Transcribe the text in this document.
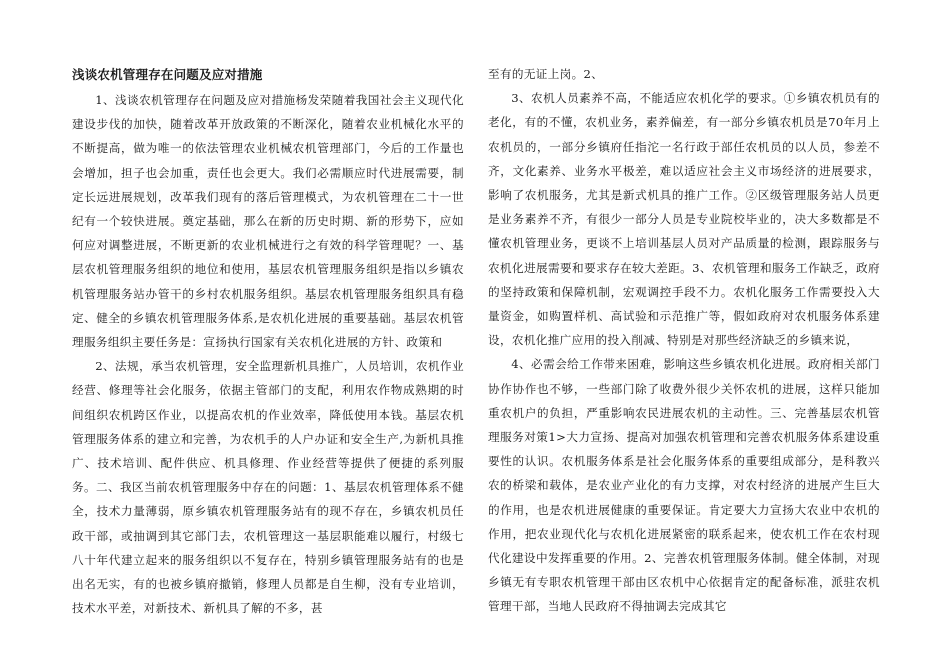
浅谈农机管理存在问题及应对措施

1、浅谈农机管理存在问题及应对措施杨发荣随着我国社会主义现代化建设步伐的加快，随着改革开放政策的不断深化，随着农业机械化水平的不断提高，做为唯一的依法管理农业机械农机管理部门，今后的工作量也会增加，担子也会加重，责任也会更大。我们必需顺应时代进展需要，制定长远进展规划，改革我们现有的落后管理模式，为农机管理在二十一世纪有一个较快进展。奠定基础，那么在新的历史时期、新的形势下，应如何应对调整进展，不断更新的农业机械进行之有效的科学管理呢？一、基层农机管理服务组织的地位和使用，基层农机管理服务组织是指以乡镇农机管理服务站办管干的乡村农机服务组织。基层农机管理服务组织具有稳定、健全的乡镇农机管理服务体系,是农机化进展的重要基础。基层农机管理服务组织主要任务是：宣扬执行国家有关农机化进展的方针、政策和

2、法规，承当农机管理，安全监理新机具推广，人员培训，农机作业经营、修理等社会化服务，依据主管部门的支配，利用农作物成熟期的时间组织农机跨区作业，以提高农机的作业效率，降低使用本钱。基层农机管理服务体系的建立和完善，为农机手的人户办证和安全生产,为新机具推广、技术培训、配件供应、机具修理、作业经营等提供了便捷的系列服务。二、我区当前农机管理服务中存在的问题：1、基层农机管理体系不健全，技术力量薄弱，原乡镇农机管理服务站有的现不存在，乡镇农机员任政干部，或抽调到其它部门去，农机管理这一基层职能难以履行，村级七八十年代建立起来的服务组织以不复存在，特别乡镇管理服务站有的也是出名无实，有的也被乡镇府撤销，修理人员都是自生柳，没有专业培训，技术水平差，对新技术、新机具了解的不多，甚

至有的无证上岗。2、

3、农机人员素养不高，不能适应农机化学的要求。①乡镇农机员有的老化，有的不懂，农机业务，素养偏差，有一部分乡镇农机员是70年月上农机员的，一部分乡镇府任指沱一名行政于部任农机员的以人员，参差不齐，文化素养、业务水平极差，难以适应社会主义市场经济的进展要求，影响了农机服务，尤其是新式机具的推广工作。②区级管理服务站人员更是业务素养不齐，有很少一部分人员是专业院校毕业的，决大多数都是不懂农机管理业务，更谈不上培训基层人员对产品质量的检测，跟踪服务与农机化进展需要和要求存在较大差距。3、农机管理和服务工作缺乏，政府的坚持政策和保障机制，宏观调控手段不力。农机化服务工作需要投入大量资金，如购置样机、高试验和示范推广等，假如政府对农机服务体系建设，农机化推广应用的投入削减、特别是对那些经济缺乏的乡镇来说，

4、必需会给工作带来困难，影响这些乡镇农机化进展。政府相关部门协作协作也不够，一些部门除了收费外很少关怀农机的进展，这样只能加重农机户的负担，严重影响农民进展农机的主动性。三、完善基层农机管理服务对策1>大力宣扬、提高对加强农机管理和完善农机服务体系建设重要性的认识。农机服务体系是社会化服务体系的重要组成部分，是科教兴农的桥梁和载体，是农业产业化的有力支撑，对农村经济的进展产生巨大的作用，也是农机进展健康的重要保证。肯定要大力宣扬大农业中农机的作用，把农业现代化与农机化进展紧密的联系起来，使农机工作在农村现代化建设中发挥重要的作用。2、完善农机管理服务体制。健全体制，对现乡镇无有专职农机管理干部由区农机中心依据肯定的配备标准，派驻农机管理干部，当地人民政府不得抽调去完成其它
